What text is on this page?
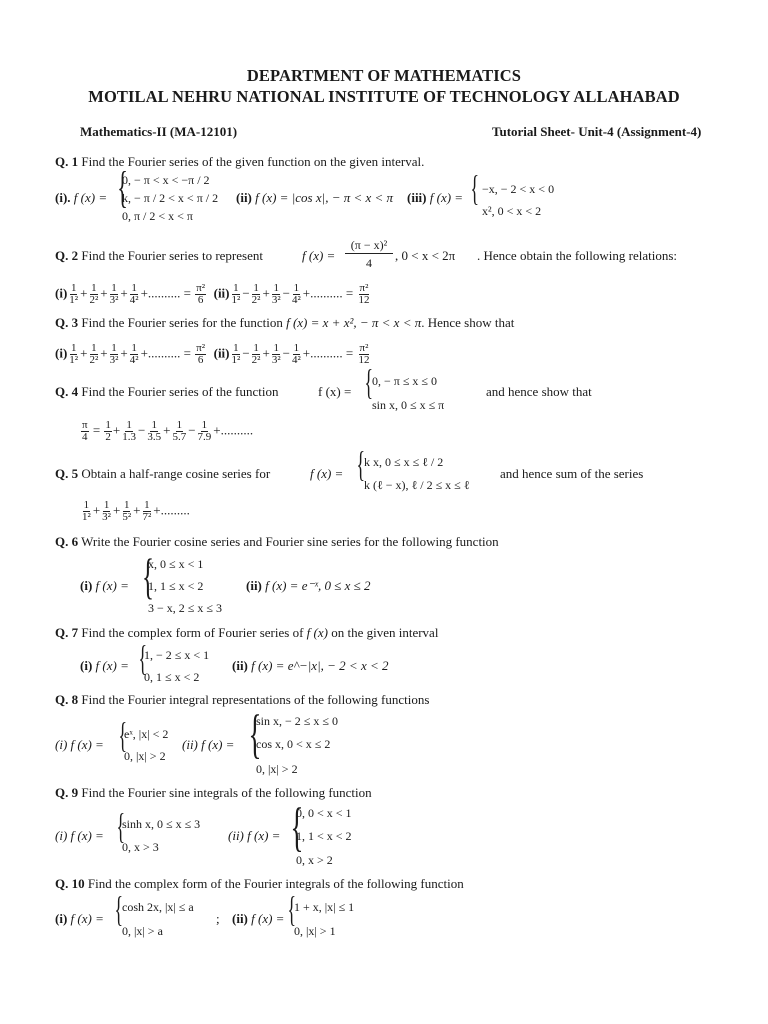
DEPARTMENT OF MATHEMATICS
MOTILAL NEHRU NATIONAL INSTITUTE OF TECHNOLOGY ALLAHABAD
Mathematics-II (MA-12101)	Tutorial Sheet- Unit-4 (Assignment-4)
Q. 1 Find the Fourier series of the given function on the given interval.
(i). f (x) = {
0, − π < x < −π / 2
k, − π / 2 < x < π / 2
0, π / 2 < x < π
(ii) f (x) = |cos x|, − π < x < π (iii) f (x) = { −x, − 2 < x < 0
x², 0 < x < 2
Q. 2 Find the Fourier series to represent	f (x) =
(π − x)²
4	, 0 < x < 2π . Hence obtain the following relations:
$(i) \frac{1}{\text{1²}} + \frac{1}{\text{2²}} + \frac{1}{\text{3²}} + \frac{1}{\text{4²}}$ +.......... = $\frac{\text{π²}}{6} (ii) \frac{1}{\text{1²}} - \frac{1}{\text{2²}} + \frac{1}{\text{3²}} - \frac{1}{\text{4²}}$ +.......... = $\frac{\text{π²}}{12}$
Q. 3 Find the Fourier series for the function f (x) = x + x², − π < x < π. Hence show that
$(i) \frac{1}{\text{1²}} + \frac{1}{\text{2²}} + \frac{1}{\text{3²}} + \frac{1}{\text{4²}}$ +.......... = $\frac{\text{π²}}{6} (ii) \frac{1}{\text{1²}} - \frac{1}{\text{2²}} + \frac{1}{\text{3²}} - \frac{1}{\text{4²}}$ +.......... = $\frac{\text{π²}}{12}$
Q. 4 Find the Fourier series of the function	f (x) = { 0, − π ≤ x ≤ 0
sin x, 0 ≤ x ≤ π
and hence show that
$\frac{\pi}{4} = \frac{1}{2} + \frac{1}{1.3} - \frac{1}{3.5} + \frac{1}{5.7} - \frac{1}{7.9}$ +..........
Q. 5 Obtain a half-range cosine series for	f (x) = { k x, 0 ≤ x ≤ ℓ / 2
k (ℓ − x), ℓ / 2 ≤ x ≤ ℓ
and hence sum of the series
$\frac{1}{\text{1²}} + \frac{1}{\text{3²}} + \frac{1}{\text{5²}} + \frac{1}{\text{7²}}$ +.........
Q. 6 Write the Fourier cosine series and Fourier sine series for the following function
(i) f (x) = {
x, 0 ≤ x < 1
1, 1 ≤ x < 2
3 − x, 2 ≤ x ≤ 3
(ii) f (x) = e⁻ˣ, 0 ≤ x ≤ 2
Q. 7 Find the complex form of Fourier series of f (x) on the given interval
(i) f (x) = {
1, − 2 ≤ x < 1
0, 1 ≤ x < 2
(ii) f (x) = e^−|x|, − 2 < x < 2
Q. 8 Find the Fourier integral representations of the following functions
(i) f (x) = {
eˣ, |x| < 2
0, |x| > 2
(ii) f (x) = {
sin x, − 2 ≤ x ≤ 0
cos x, 0 < x ≤ 2
0, |x| > 2
Q. 9 Find the Fourier sine integrals of the following function
(i) f (x) = {
sinh x, 0 ≤ x ≤ 3
0, x > 3
(ii) f (x) = {
0, 0 < x < 1
1, 1 < x < 2
0, x > 2
Q. 10 Find the complex form of the Fourier integrals of the following function
(i) f (x) = { cosh 2x, |x| ≤ a
0, |x| > a
; (ii) f (x) = {
1 + x, |x| ≤ 1
0, |x| > 1
